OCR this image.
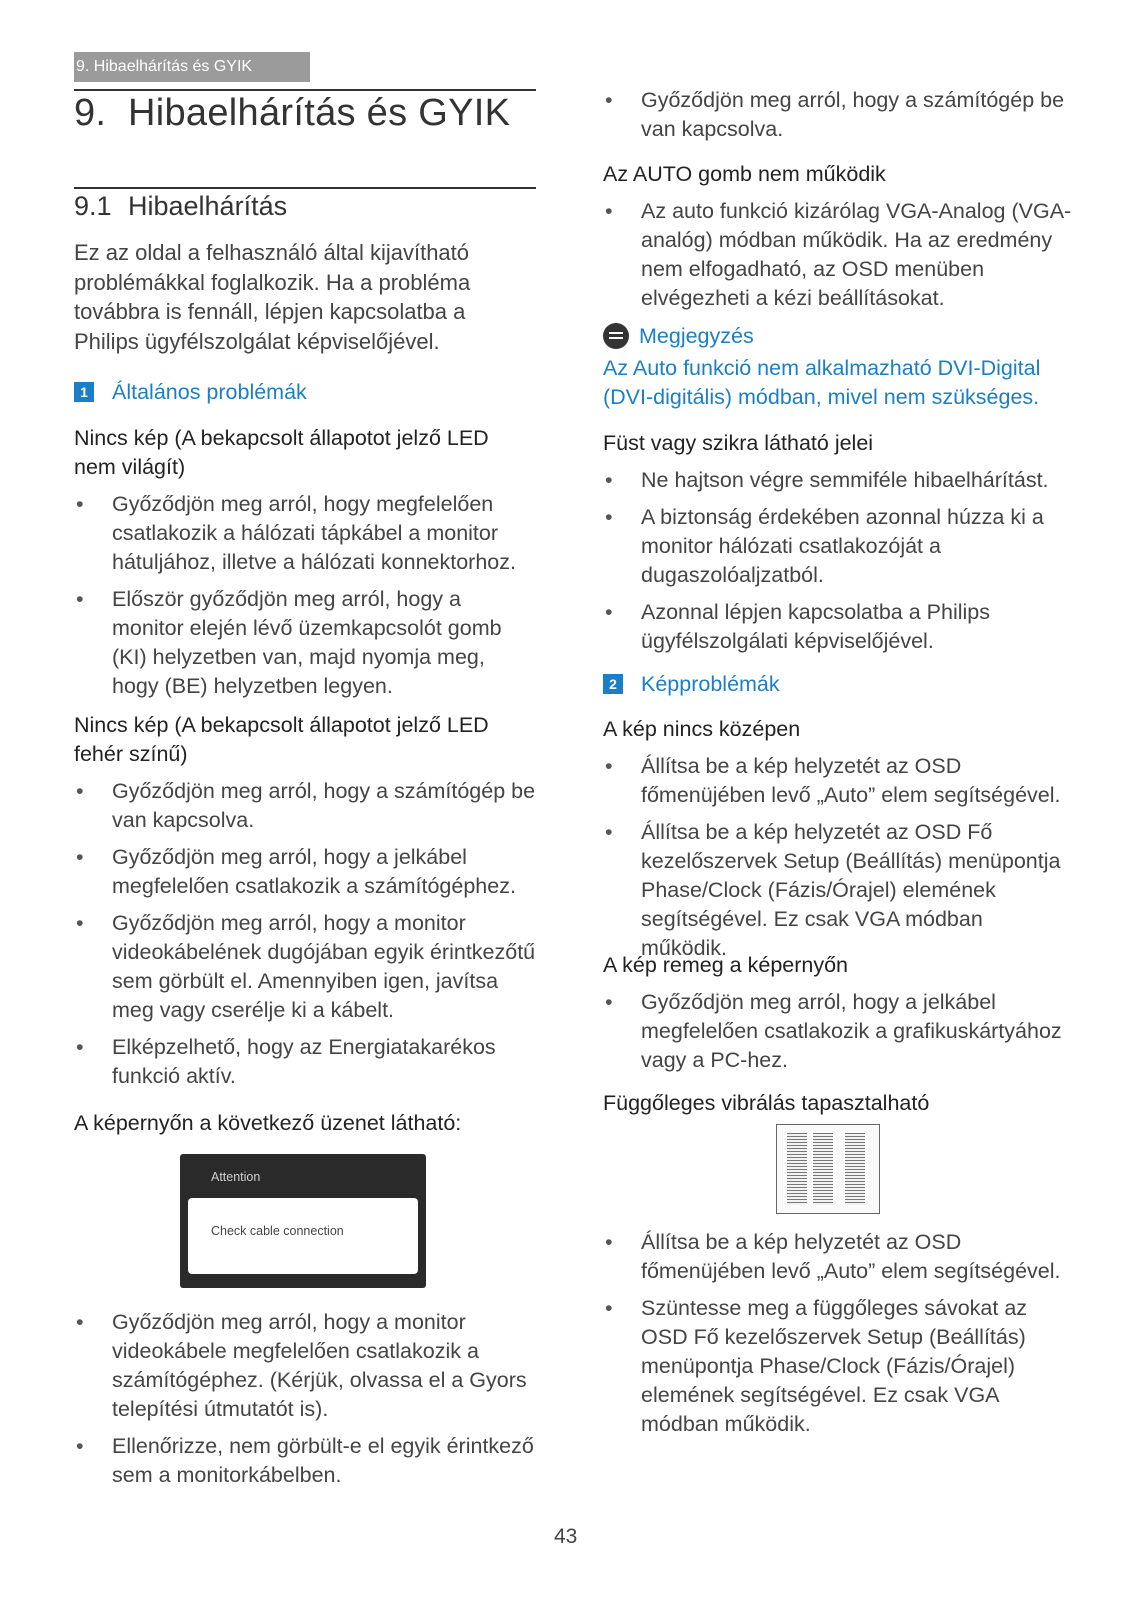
9. Hibaelhárítás és GYIK
9. Hibaelhárítás és GYIK
9.1 Hibaelhárítás

Ez az oldal a felhasználó által kijavítható problémákkal foglalkozik. Ha a probléma továbbra is fennáll, lépjen kapcsolatba a Philips ügyfélszolgálat képviselőjével.

1 Általános problémák

Nincs kép (A bekapcsolt állapotot jelző LED nem világít)

• Győződjön meg arról, hogy megfelelően csatlakozik a hálózati tápkábel a monitor hátuljához, illetve a hálózati konnektorhoz.
• Először győződjön meg arról, hogy a monitor elején lévő üzemkapcsolót gomb (KI) helyzetben van, majd nyomja meg, hogy (BE) helyzetben legyen.

Nincs kép (A bekapcsolt állapotot jelző LED fehér színű)

• Győződjön meg arról, hogy a számítógép be van kapcsolva.
• Győződjön meg arról, hogy a jelkábel megfelelően csatlakozik a számítógéphez.
• Győződjön meg arról, hogy a monitor videokábelének dugójában egyik érintkezőtű sem görbült el. Amennyiben igen, javítsa meg vagy cserélje ki a kábelt.
• Elképzelhető, hogy az Energiatakarékos funkció aktív.

A képernyőn a következő üzenet látható:

Attention
Check cable connection
• Győződjön meg arról, hogy a monitor videokábele megfelelően csatlakozik a számítógéphez. (Kérjük, olvassa el a Gyors telepítési útmutatót is).
• Ellenőrizze, nem görbült-e el egyik érintkező sem a monitorkábelben.
• Győződjön meg arról, hogy a számítógép be van kapcsolva.

Az AUTO gomb nem működik

• Az auto funkció kizárólag VGA-Analog (VGA-analóg) módban működik. Ha az eredmény nem elfogadható, az OSD menüben elvégezheti a kézi beállításokat.
Megjegyzés

Az Auto funkció nem alkalmazható DVI-Digital (DVI-digitális) módban, mivel nem szükséges.

Füst vagy szikra látható jelei

• Ne hajtson végre semmiféle hibaelhárítást.
• A biztonság érdekében azonnal húzza ki a monitor hálózati csatlakozóját a dugaszolóaljzatból.
• Azonnal lépjen kapcsolatba a Philips ügyfélszolgálati képviselőjével.
2 Képproblémák

A kép nincs középen

• Állítsa be a kép helyzetét az OSD főmenüjében levő „Auto” elem segítségével.
• Állítsa be a kép helyzetét az OSD Fő kezelőszervek Setup (Beállítás) menüpontja Phase/Clock (Fázis/Órajel) elemének segítségével. Ez csak VGA módban működik.

A kép remeg a képernyőn

• Győződjön meg arról, hogy a jelkábel megfelelően csatlakozik a grafikuskártyához vagy a PC-hez.

Függőleges vibrálás tapasztalható

• Állítsa be a kép helyzetét az OSD főmenüjében levő „Auto” elem segítségével.
• Szüntesse meg a függőleges sávokat az OSD Fő kezelőszervek Setup (Beállítás) menüpontja Phase/Clock (Fázis/Órajel) elemének segítségével. Ez csak VGA módban működik.
43
